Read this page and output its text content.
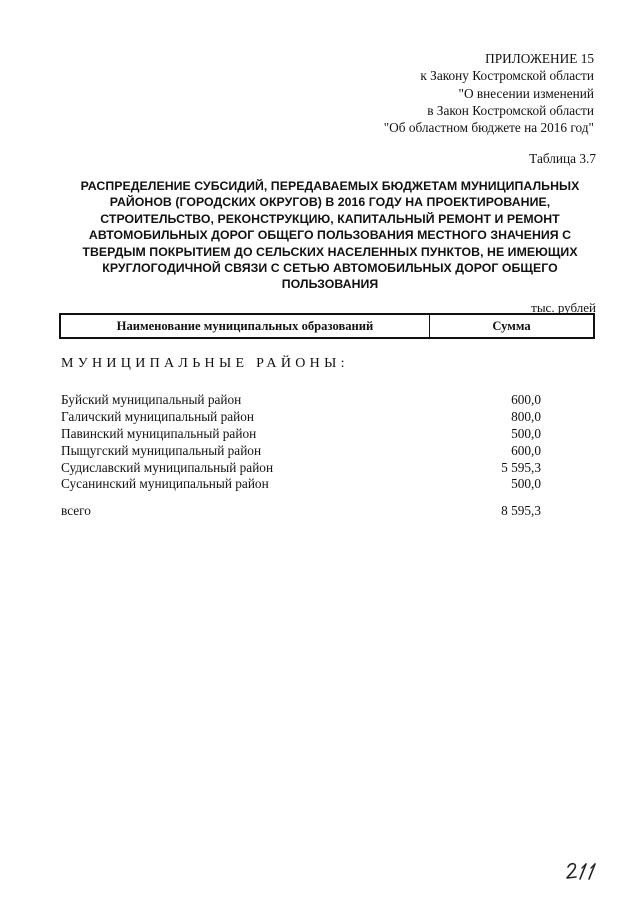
ПРИЛОЖЕНИЕ 15
к Закону Костромской области
"О внесении изменений
в Закон Костромской области
"Об областном бюджете на 2016 год"
Таблица 3.7
РАСПРЕДЕЛЕНИЕ СУБСИДИЙ, ПЕРЕДАВАЕМЫХ БЮДЖЕТАМ МУНИЦИПАЛЬНЫХ
РАЙОНОВ (ГОРОДСКИХ ОКРУГОВ) В 2016 ГОДУ НА ПРОЕКТИРОВАНИЕ,
СТРОИТЕЛЬСТВО, РЕКОНСТРУКЦИЮ, КАПИТАЛЬНЫЙ РЕМОНТ И РЕМОНТ
АВТОМОБИЛЬНЫХ ДОРОГ ОБЩЕГО ПОЛЬЗОВАНИЯ МЕСТНОГО ЗНАЧЕНИЯ С
ТВЕРДЫМ ПОКРЫТИЕМ ДО СЕЛЬСКИХ НАСЕЛЕННЫХ ПУНКТОВ, НЕ ИМЕЮЩИХ
КРУГЛОГОДИЧНОЙ СВЯЗИ С СЕТЬЮ АВТОМОБИЛЬНЫХ ДОРОГ ОБЩЕГО
ПОЛЬЗОВАНИЯ
тыс. рублей
Наименование муниципальных образований	Сумма
МУНИЦИПАЛЬНЫЕ РАЙОНЫ:
Буйский муниципальный район	600,0
Галичский муниципальный район	800,0
Павинский муниципальный район	500,0
Пыщугский муниципальный район	600,0
Судиславский муниципальный район	5 595,3
Сусанинский муниципальный район	500,0
всего	8 595,3
